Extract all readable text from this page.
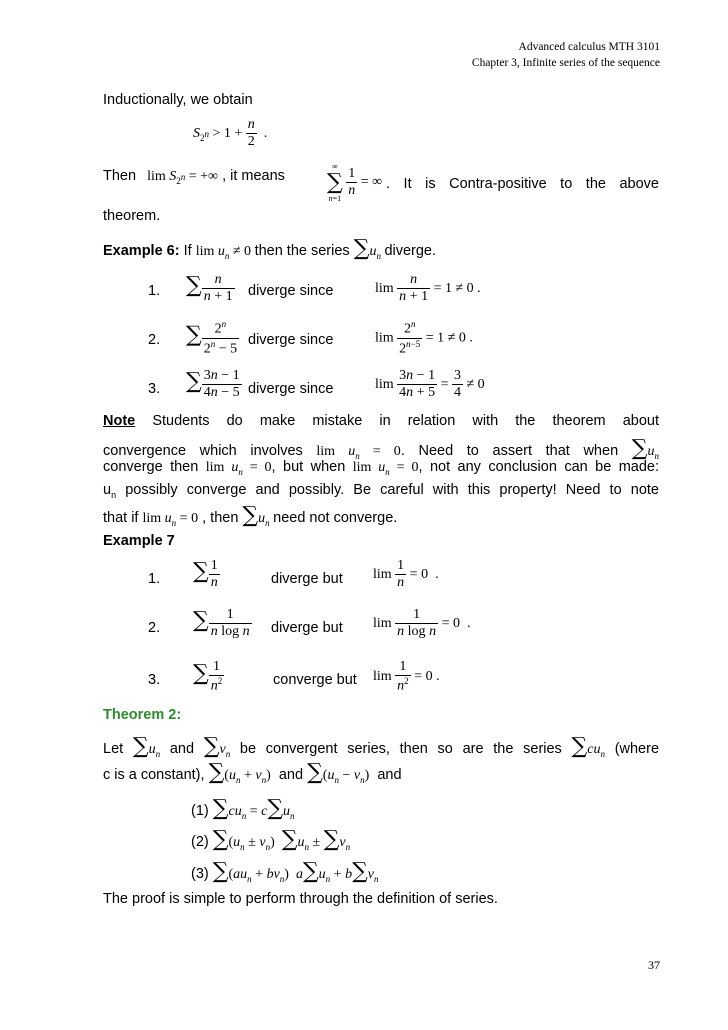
Advanced calculus MTH 3101
Chapter 3, Infinite series of the sequence
Inductionally, we obtain
$S_{2^n} > 1 + \frac{n}{2}$ .
Then   $\lim S_{2^n}$ = +∞ , it means
∞
∑
$n=1 \frac{1}{n}$ = ∞ . It is Contra-positive to the above
theorem.
Example 6: If $\lim u_n \ne 0$ then the series $\sum u_n$ diverge.
1. ∑ $\frac{n}{n + 1}$ diverge since	$\lim \frac{n}{n + 1} = 1 \ne 0$ .
2. ∑ $\frac{2^n}{2^n - 5}$ diverge since	$\lim \frac{2^n}{2^{n-5}} = 1 \ne 0$ .
3. ∑ $\frac{3n - 1}{4n - 5}$ diverge since	$\lim \frac{3n - 1}{4n + 5} = \frac{3}{4} \ne 0$
Note Students do make mistake in relation with the theorem about
convergence which involves $\lim u_n = 0$. Need to assert that when $\sum u_n$
converge then $\lim u_n = 0$, but when $\lim u_n = 0$, not any conclusion can be made:
$u_n$ possibly converge and possibly. Be careful with this property! Need to note
that if $\lim u_n = 0$ , then $\sum u_n$ need not converge.
Example 7
1. ∑ $\frac{1}{n}$	diverge but $\lim \frac{1}{n} = 0$  .
2. ∑ $\frac{1}{\text{n log n}}$ diverge but $\lim \frac{1}{\text{n log n}} = 0$  .
3. ∑ $\frac{1}{n^2}$	converge but $\lim \frac{1}{n^2} = 0$ .
Theorem 2:
Let $\sum u_n$ and $\sum v_n$ be convergent series, then so are the series $\sum cu_n$ (where
c is a constant), $\sum(u_n + v_n)$ and $\sum(u_n - v_n)$ and
(1) $\sum cu_n = c\sum u_n$
(2) $\sum(u_n \pm v_n) \sum u_n \pm \sum v_n$
(3) $\sum(au_n + bv_n) a\sum u_n + b\sum v_n$
The proof is simple to perform through the definition of series.
37
